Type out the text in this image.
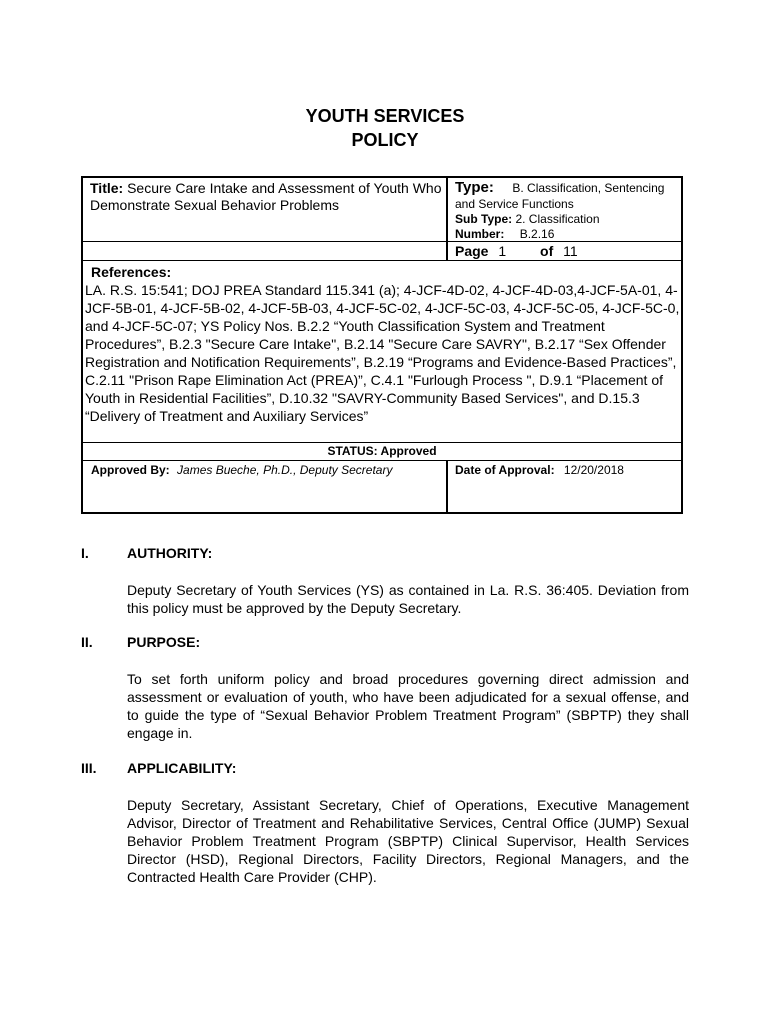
YOUTH SERVICES
POLICY
Title: Secure Care Intake and Assessment of Youth Who Demonstrate Sexual Behavior Problems
Type: B. Classification, Sentencing
and Service Functions
Sub Type: 2. Classification
Number: B.2.16
Page 1 of 11
References:
LA. R.S. 15:541; DOJ PREA Standard 115.341 (a); 4-JCF-4D-02, 4-JCF-4D-03,4-JCF-5A-01, 4-JCF-5B-01, 4-JCF-5B-02, 4-JCF-5B-03, 4-JCF-5C-02, 4-JCF-5C-03, 4-JCF-5C-05, 4-JCF-5C-0, and 4-JCF-5C-07; YS Policy Nos. B.2.2 “Youth Classification System and Treatment Procedures”, B.2.3 "Secure Care Intake", B.2.14 "Secure Care SAVRY", B.2.17 “Sex Offender Registration and Notification Requirements”, B.2.19 “Programs and Evidence-Based Practices”, C.2.11 "Prison Rape Elimination Act (PREA)”, C.4.1 "Furlough Process ", D.9.1 “Placement of Youth in Residential Facilities”, D.10.32 "SAVRY-Community Based Services", and D.15.3 “Delivery of Treatment and Auxiliary Services”
STATUS: Approved
Approved By: James Bueche, Ph.D., Deputy Secretary	Date of Approval: 12/20/2018
I.	AUTHORITY:
Deputy Secretary of Youth Services (YS) as contained in La. R.S. 36:405. Deviation from this policy must be approved by the Deputy Secretary.
II. PURPOSE:
To set forth uniform policy and broad procedures governing direct admission and assessment or evaluation of youth, who have been adjudicated for a sexual offense, and to guide the type of “Sexual Behavior Problem Treatment Program” (SBPTP) they shall engage in.
III. APPLICABILITY:
Deputy Secretary, Assistant Secretary, Chief of Operations, Executive Management Advisor, Director of Treatment and Rehabilitative Services, Central Office (JUMP) Sexual Behavior Problem Treatment Program (SBPTP) Clinical Supervisor, Health Services Director (HSD), Regional Directors, Facility Directors, Regional Managers, and the Contracted Health Care Provider (CHP).
